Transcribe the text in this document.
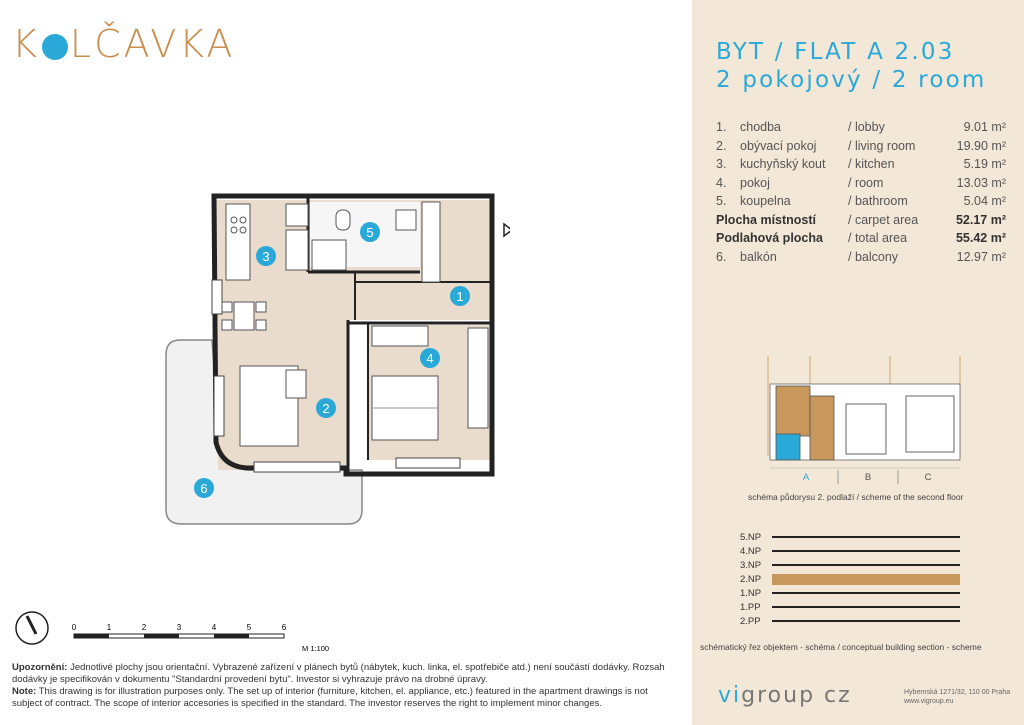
K LČAVKA
1
2
3
4
5
6
0	1	2	3	4	5	6
M 1:100
Upozornění: Jednotlivé plochy jsou orientační. Vybrazené zařízení v plánech bytů (nábytek, kuch. linka, el. spotřebiče atd.) není součástí dodávky. Rozsah dodávky je specifikován v dokumentu "Standardní provedení bytu". Investor si vyhrazuje právo na drobné úpravy.
Note: This drawing is for illustration purposes only. The set up of interior (furniture, kitchen, el. appliance, etc.) featured in the apartment drawings is not subject of contract. The scope of interior accesories is specified in the standard. The investor reserves the right to implement minor changes.
BYT / FLAT A 2.03
2 pokojový / 2 room
1.	chodba	/ lobby	9.01 m²
2.	obývací pokoj	/ living room	19.90 m²
3.	kuchyňský kout	/ kitchen	5.19 m²
4.	pokoj	/ room	13.03 m²
5.	koupelna	/ bathroom	5.04 m²
Plocha místností	/ carpet area	52.17 m²
Podlahová plocha	/ total area	55.42 m²
6.	balkón	/ balcony	12.97 m²
A	B	C
schéma půdorysu 2. podlaží / scheme of the second floor
5.NP
4.NP
3.NP
2.NP
1.NP
1.PP
2.PP
schématický řez objektem - schéma / conceptual building section - scheme
vigroup cz	Hybernská 1271/32, 110 00 Praha
www.vigroup.eu
